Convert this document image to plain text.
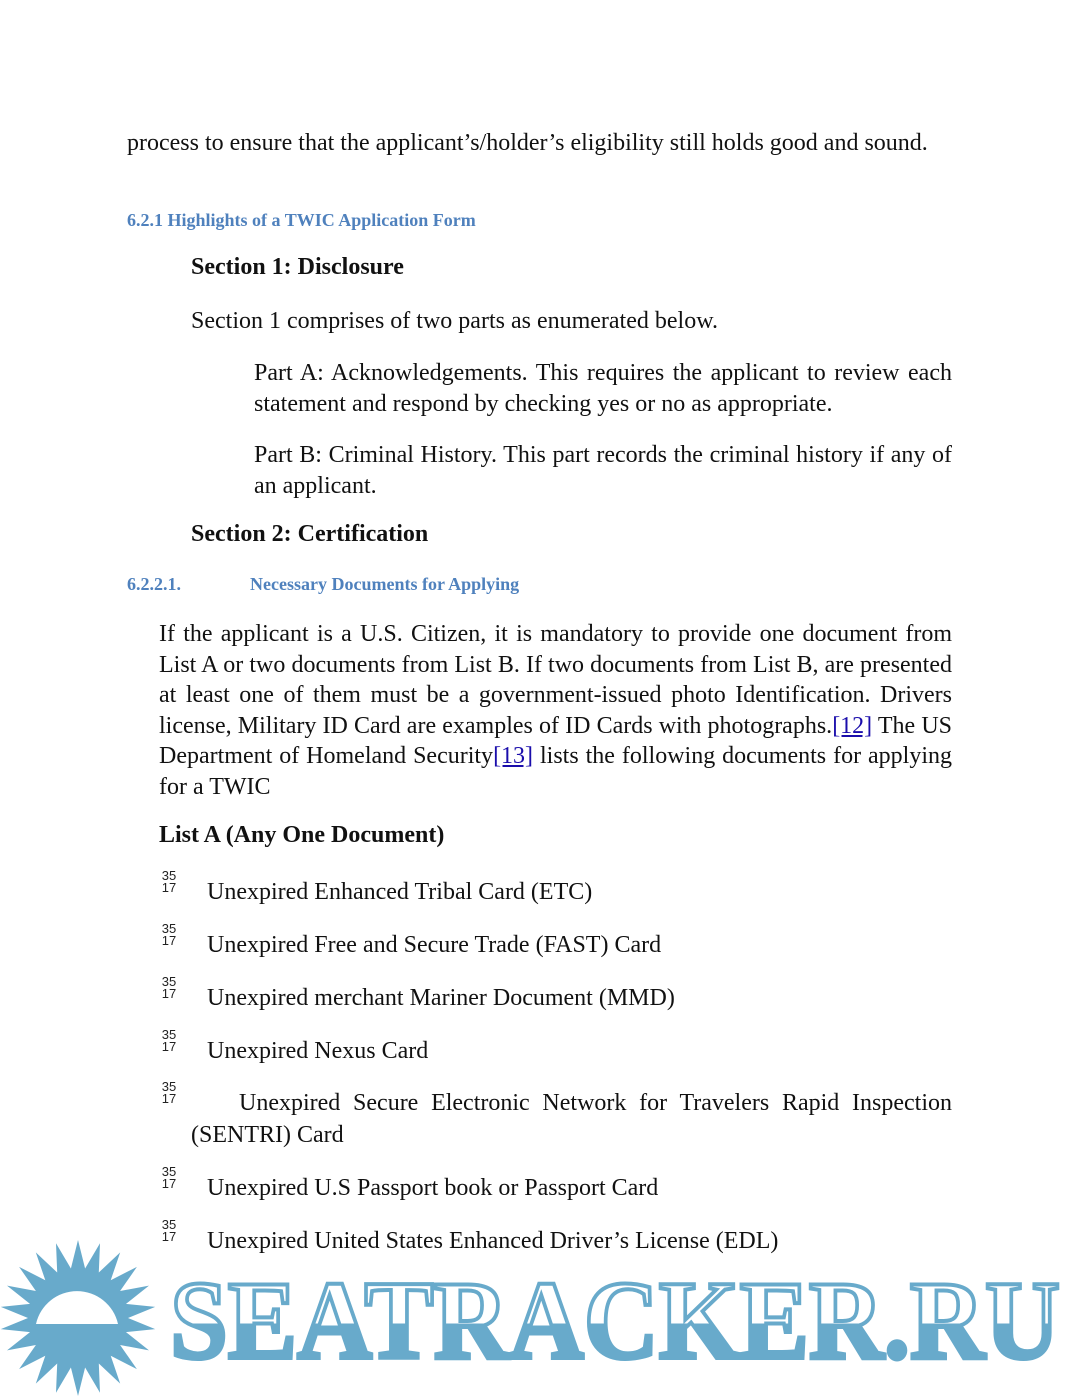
process to ensure that the applicant’s/holder’s eligibility still holds good and sound.
6.2.1 Highlights of a TWIC Application Form
Section 1: Disclosure
Section 1 comprises of two parts as enumerated below.
Part A: Acknowledgements. This requires the applicant to review each statement and respond by checking yes or no as appropriate.
Part B: Criminal History. This part records the criminal history if any of an applicant.
Section 2: Certification
6.2.2.1.	Necessary Documents for Applying
If the applicant is a U.S. Citizen, it is mandatory to provide one document from List A or two documents from List B. If two documents from List B, are presented at least one of them must be a government-issued photo Identification. Drivers license, Military ID Card are examples of ID Cards with photographs.[12] The US Department of Homeland Security[13] lists the following documents for applying for a TWIC
List A (Any One Document)
35
17 Unexpired Enhanced Tribal Card (ETC)
35
17 Unexpired Free and Secure Trade (FAST) Card
35
17 Unexpired merchant Mariner Document (MMD)
35
17 Unexpired Nexus Card
35
17	Unexpired Secure Electronic Network for Travelers Rapid Inspection (SENTRI) Card
35
17 Unexpired U.S Passport book or Passport Card
35
17 Unexpired United States Enhanced Driver’s License (EDL)
SEATRACKER.RU
